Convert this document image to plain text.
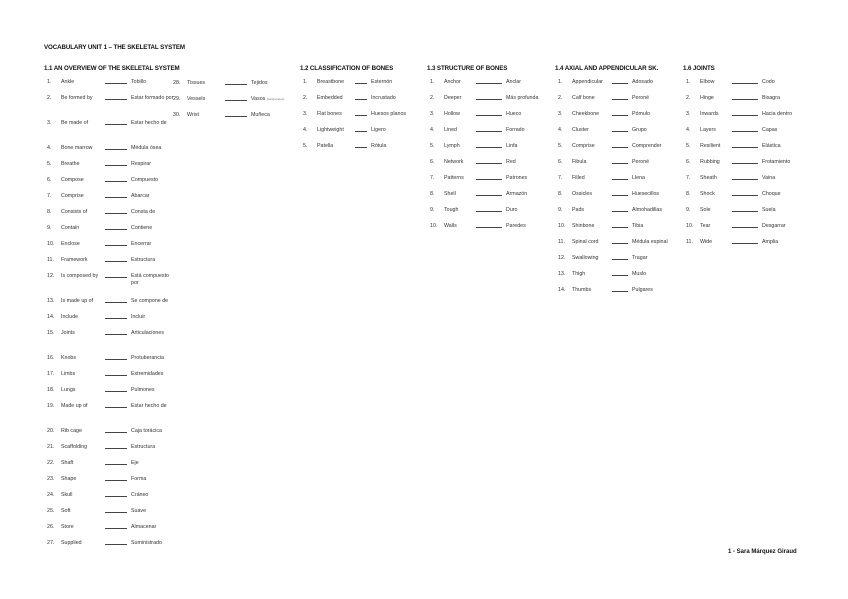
VOCABULARY UNIT 1 – THE SKELETAL SYSTEM
1.1 AN OVERVIEW OF THE SKELETAL SYSTEM
1.	Ankle	Tobillo
2.	Be formed by	Estar formado por
3.	Be made of	Estar hecho de
4.	Bone marrow	Médula ósea
5.	Breathe	Respirar
6.	Compose	Compuesto
7.	Comprise	Abarcar
8.	Consists of	Consta de
9.	Contain	Contiene
10.	Enclose	Encerrar
11.	Framework	Estructura
12.	Is composed by	Está compuesto por
13.	Is made up of	Se compone de
14.	Include	Incluir
15.	Joints	Articulaciones
16.	Knobs	Protuberancia
17.	Limbs	Extremidades
18.	Lungs	Pulmones
19.	Made up of	Estar hecho de
20.	Rib cage	Caja torácica
21.	Scaffolding	Estructura
22.	Shaft	Eje
23.	Shape	Forma
24.	Skull	Cráneo
25.	Soft	Suave
26.	Store	Almacenar
27.	Supplied	Suministrado
28.	Tissues	Tejidos
29.	Vessels	Vasos (sanguíneos)
30.	Wrist	Muñeca
1.2 CLASSIFICATION OF BONES
1.	Breastbone	Esternón
2.	Embedded	Incrustado
3.	Flat bones	Huesos planos
4.	Lightweight	Ligero
5.	Patella	Rótula
1.3 STRUCTURE OF BONES
1.	Anchor	Anclar
2.	Deeper	Más profunda
3.	Hollow	Hueco
4.	Lined	Forrado
5.	Lymph	Linfa
6.	Network	Red
7.	Patterns	Patrones
8.	Shell	Armazón
9.	Tough	Duro
10.	Walls	Paredes
1.4 AXIAL AND APPENDICULAR SK.
1.	Appendicular	Adosado
2.	Calf bone	Peroné
3.	Cheekbone	Pómulo
4.	Cluster	Grupo
5.	Comprise	Comprender
6.	Fibula	Peroné
7.	Filled	Llena
8.	Ossicles	Huesecillos
9.	Pads	Almohadillas
10.	Shinbone	Tibia
11.	Spinal cord	Médula espinal
12.	Swallowing	Tragar
13.	Thigh	Muslo
14.	Thumbs	Pulgares
1.6 JOINTS
1.	Elbow	Codo
2.	Hinge	Bisagra
3.	Inwards	Hacia dentro
4.	Layers	Capas
5.	Resilient	Elástica
6.	Rubbing	Frotamiento
7.	Sheath	Vaina
8.	Shock	Choque
9.	Sole	Suela
10.	Tear	Desgarrar
11.	Wide	Amplia
1 - Sara Márquez Giraud
